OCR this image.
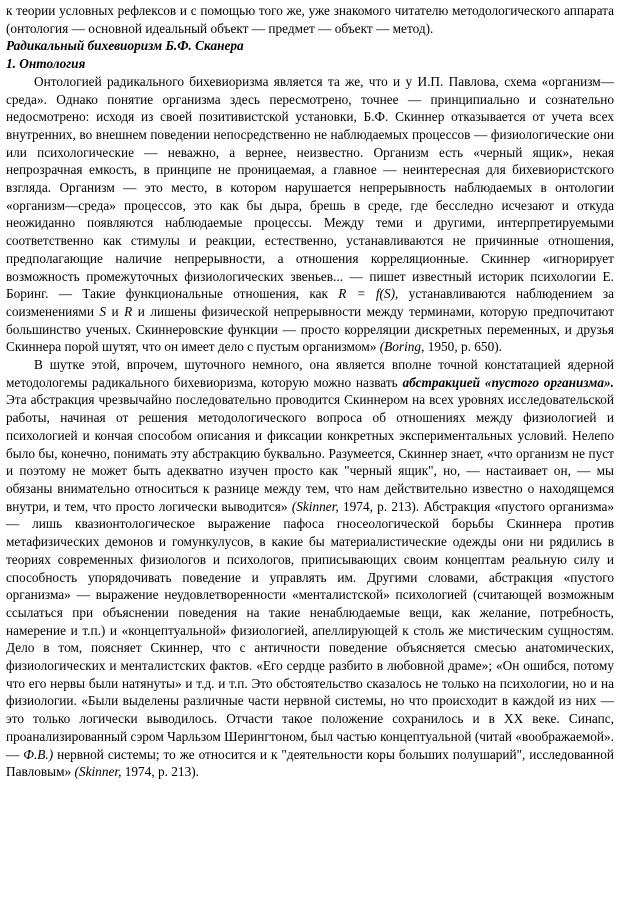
к теории условных рефлексов и с помощью того же, уже знакомого читателю методологического аппарата (онтология — основной идеальный объект — предмет — объект — метод).

Радикальный бихевиоризм Б.Ф. Сканера

1. Онтология

Онтологией радикального бихевиоризма является та же, что и у И.П. Павлова, схема «организм—среда». Однако понятие организма здесь пересмотрено, точнее — принципиально и сознательно недосмотрено: исходя из своей позитивистской установки, Б.Ф. Скиннер отказывается от учета всех внутренних, во внешнем поведении непосредственно не наблюдаемых процессов — физиологические они или психологические — неважно, а вернее, неизвестно. Организм есть «черный ящик», некая непрозрачная емкость, в принципе не проницаемая, а главное — неинтересная для бихевиористского взгляда. Организм — это место, в котором нарушается непрерывность наблюдаемых в онтологии «организм—среда» процессов, это как бы дыра, брешь в среде, где бесследно исчезают и откуда неожиданно появляются наблюдаемые процессы. Между теми и другими, интерпретируемыми соответственно как стимулы и реакции, естественно, устанавливаются не причинные отношения, предполагающие наличие непрерывности, а отношения корреляционные. Скиннер «игнорирует возможность промежуточных физиологических звеньев... — пишет известный историк психологии Е. Боринг. — Такие функциональные отношения, как R = f(S), устанавливаются наблюдением за соизменениями S и R и лишены физической непрерывности между терминами, которую предпочитают большинство ученых. Скиннеровские функции — просто корреляции дискретных переменных, и друзья Скиннера порой шутят, что он имеет дело с пустым организмом» (Boring, 1950, р. 650).

В шутке этой, впрочем, шуточного немного, она является вполне точной констатацией ядерной методологемы радикального бихевиоризма, которую можно назвать абстракцией «пустого организма». Эта абстракция чрезвычайно последовательно проводится Скиннером на всех уровнях исследовательской работы, начиная от решения методологического вопроса об отношениях между физиологией и психологией и кончая способом описания и фиксации конкретных экспериментальных условий. Нелепо было бы, конечно, понимать эту абстракцию буквально. Разумеется, Скиннер знает, «что организм не пуст и поэтому не может быть адекватно изучен просто как "черный ящик", но, — настаивает он, — мы обязаны внимательно относиться к разнице между тем, что нам действительно известно о находящемся внутри, и тем, что просто логически выводится» (Skinner, 1974, р. 213). Абстракция «пустого организма» — лишь квазионтологическое выражение пафоса гносеологической борьбы Скиннера против метафизических демонов и гомункулусов, в какие бы материалистические одежды они ни рядились в теориях современных физиологов и психологов, приписывающих своим концептам реальную силу и способность упорядочивать поведение и управлять им. Другими словами, абстракция «пустого организма» — выражение неудовлетворенности «менталистской» психологией (считающей возможным ссылаться при объяснении поведения на такие ненаблюдаемые вещи, как желание, потребность, намерение и т.п.) и «концептуальной» физиологией, апеллирующей к столь же мистическим сущностям. Дело в том, поясняет Скиннер, что с античности поведение объясняется смесью анатомических, физиологических и менталистских фактов. «Его сердце разбито в любовной драме»; «Он ошибся, потому что его нервы были натянуты» и т.д. и т.п. Это обстоятельство сказалось не только на психологии, но и на физиологии. «Были выделены различные части нервной системы, но что происходит в каждой из них — это только логически выводилось. Отчасти такое положение сохранилось и в XX веке. Синапс, проанализированный сэром Чарльзом Шерингтоном, был частью концептуальной (читай «воображаемой». — Ф.В.) нервной системы; то же относится и к "деятельности коры больших полушарий", исследованной Павловым» (Skinner, 1974, р. 213).
